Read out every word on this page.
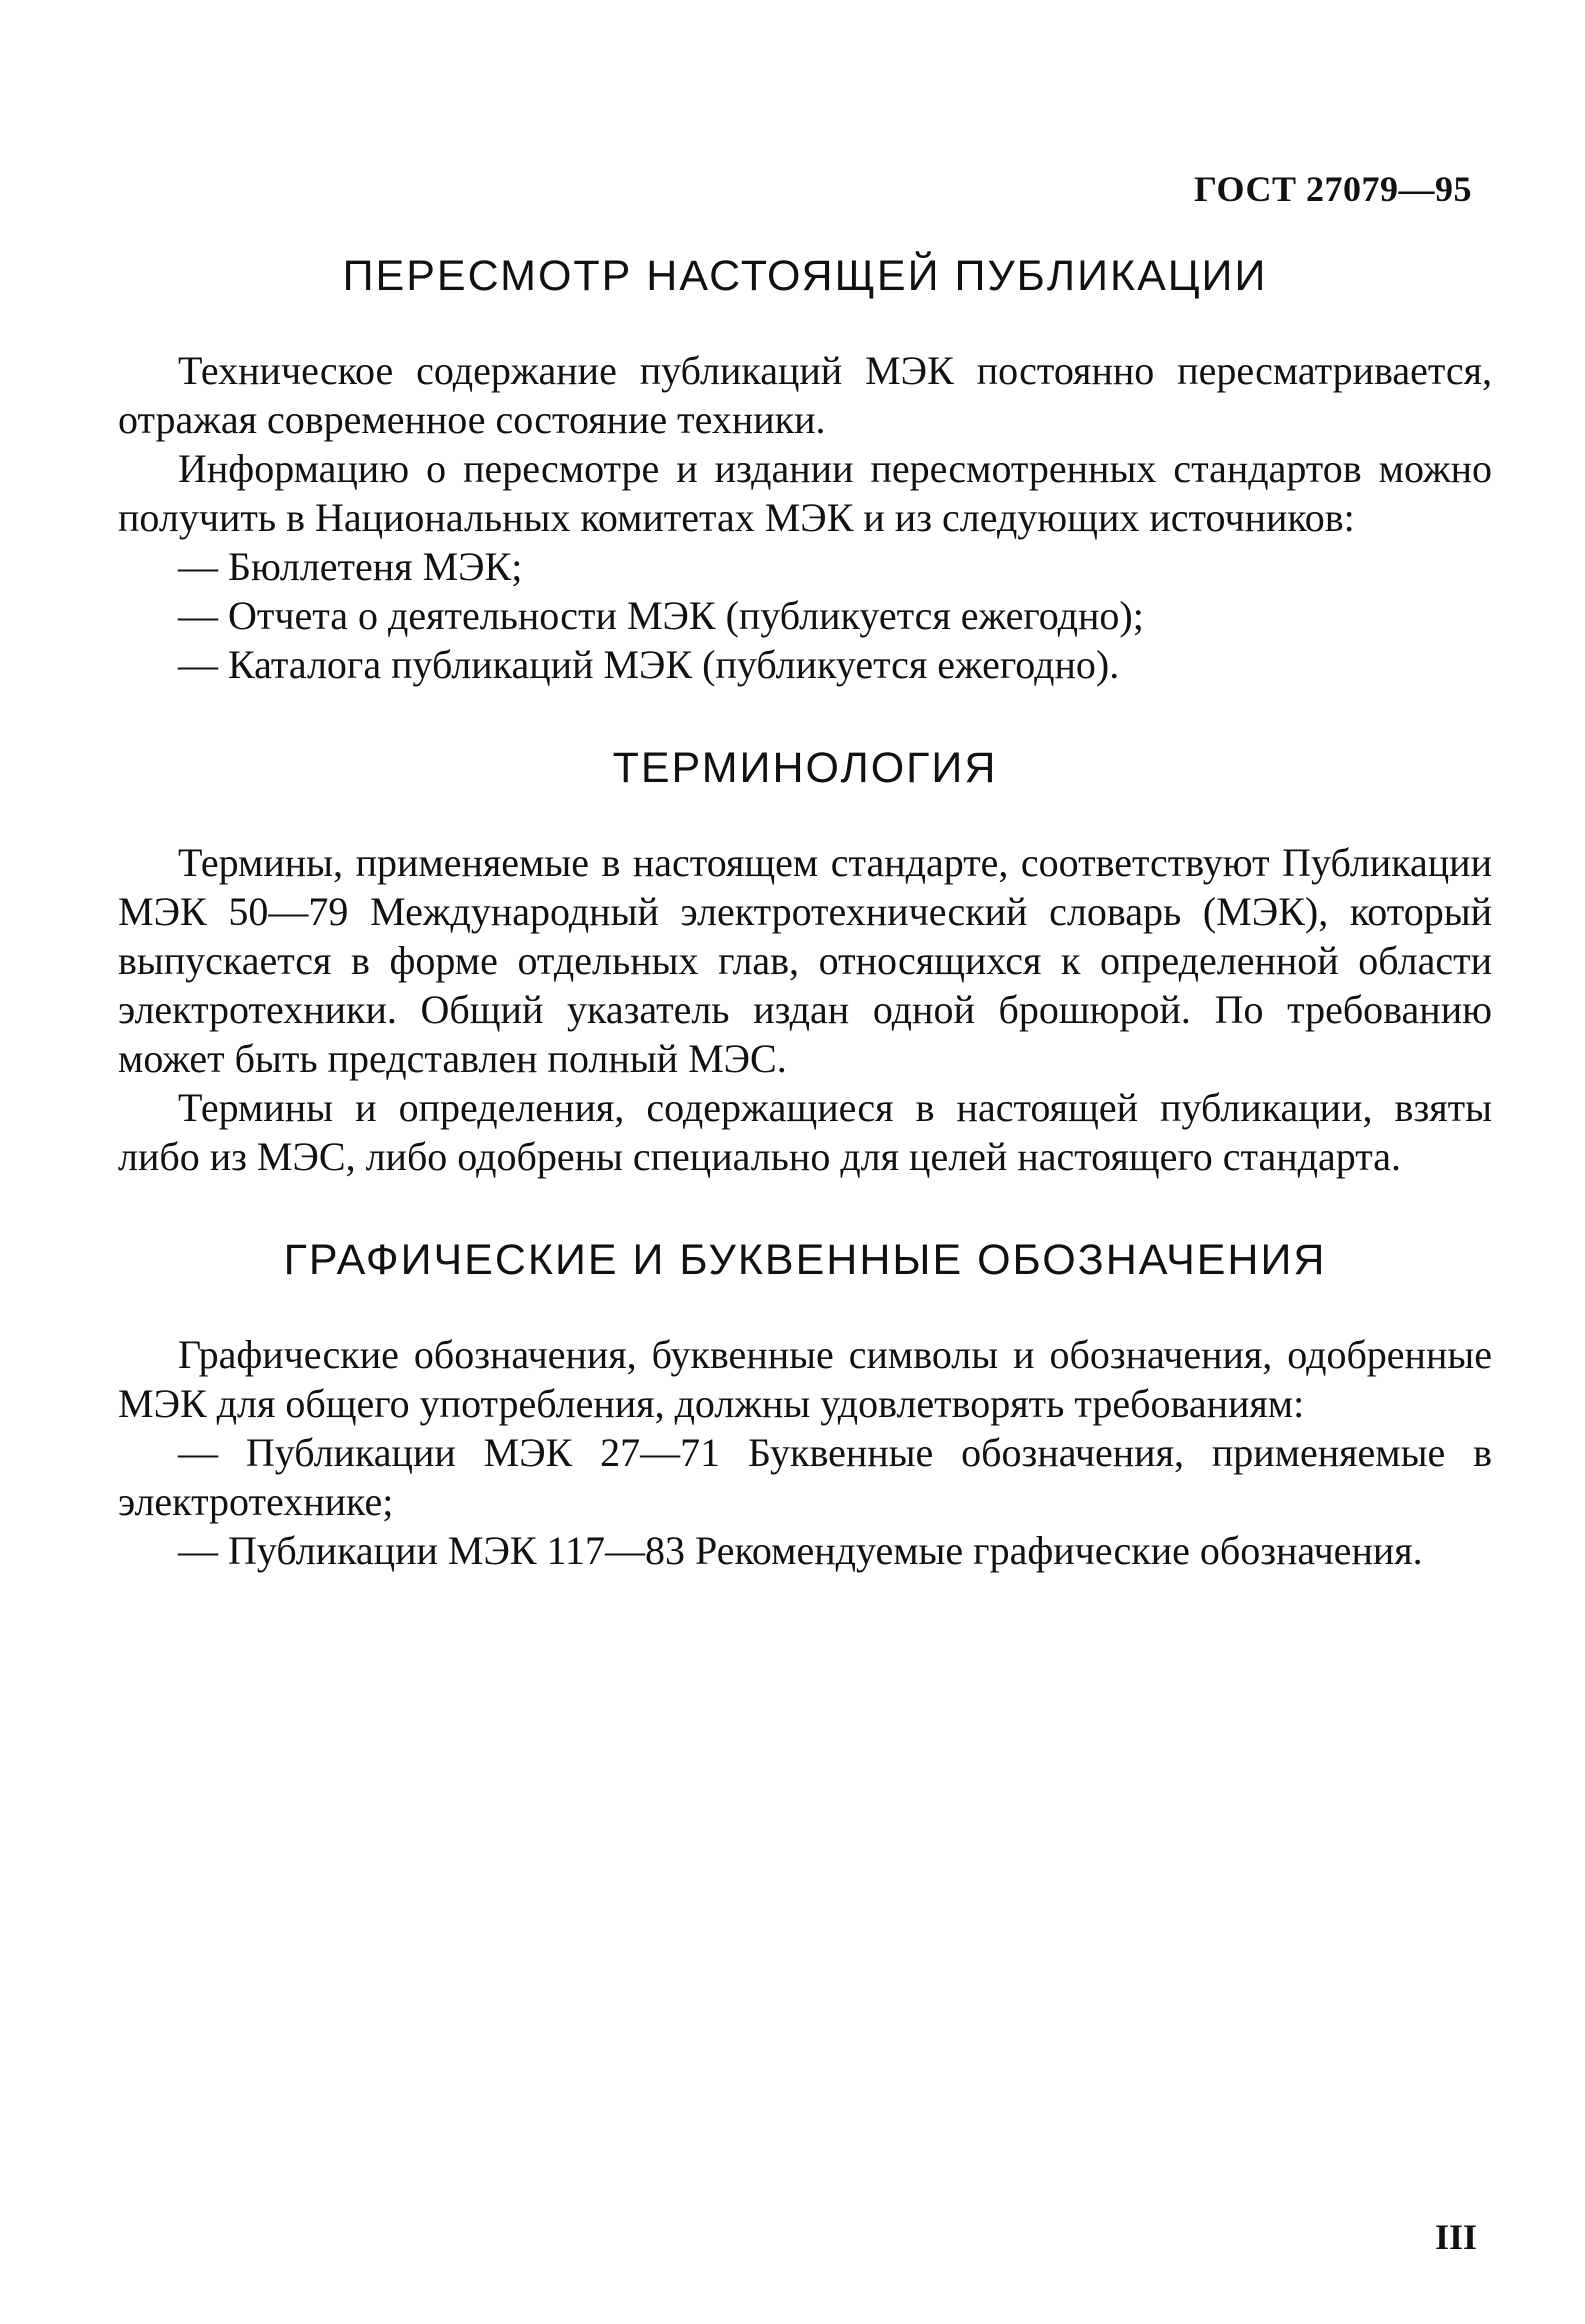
ГОСТ 27079—95
ПЕРЕСМОТР НАСТОЯЩЕЙ ПУБЛИКАЦИИ

Техническое содержание публикаций МЭК постоянно пересматривается, отражая современное состояние техники.

Информацию о пересмотре и издании пересмотренных стандартов можно получить в Национальных комитетах МЭК и из следующих источников:

— Бюллетеня МЭК;

— Отчета о деятельности МЭК (публикуется ежегодно);

— Каталога публикаций МЭК (публикуется ежегодно).

ТЕРМИНОЛОГИЯ

Термины, применяемые в настоящем стандарте, соответствуют Публикации МЭК 50—79 Международный электротехнический словарь (МЭК), который выпускается в форме отдельных глав, относящихся к определенной области электротехники. Общий указатель издан одной брошюрой. По требованию может быть представлен полный МЭС.

Термины и определения, содержащиеся в настоящей публикации, взяты либо из МЭС, либо одобрены специально для целей настоящего стандарта.

ГРАФИЧЕСКИЕ И БУКВЕННЫЕ ОБОЗНАЧЕНИЯ

Графические обозначения, буквенные символы и обозначения, одобренные МЭК для общего употребления, должны удовлетворять требованиям:

— Публикации МЭК 27—71 Буквенные обозначения, применяемые в электротехнике;

— Публикации МЭК 117—83 Рекомендуемые графические обозначения.

III
